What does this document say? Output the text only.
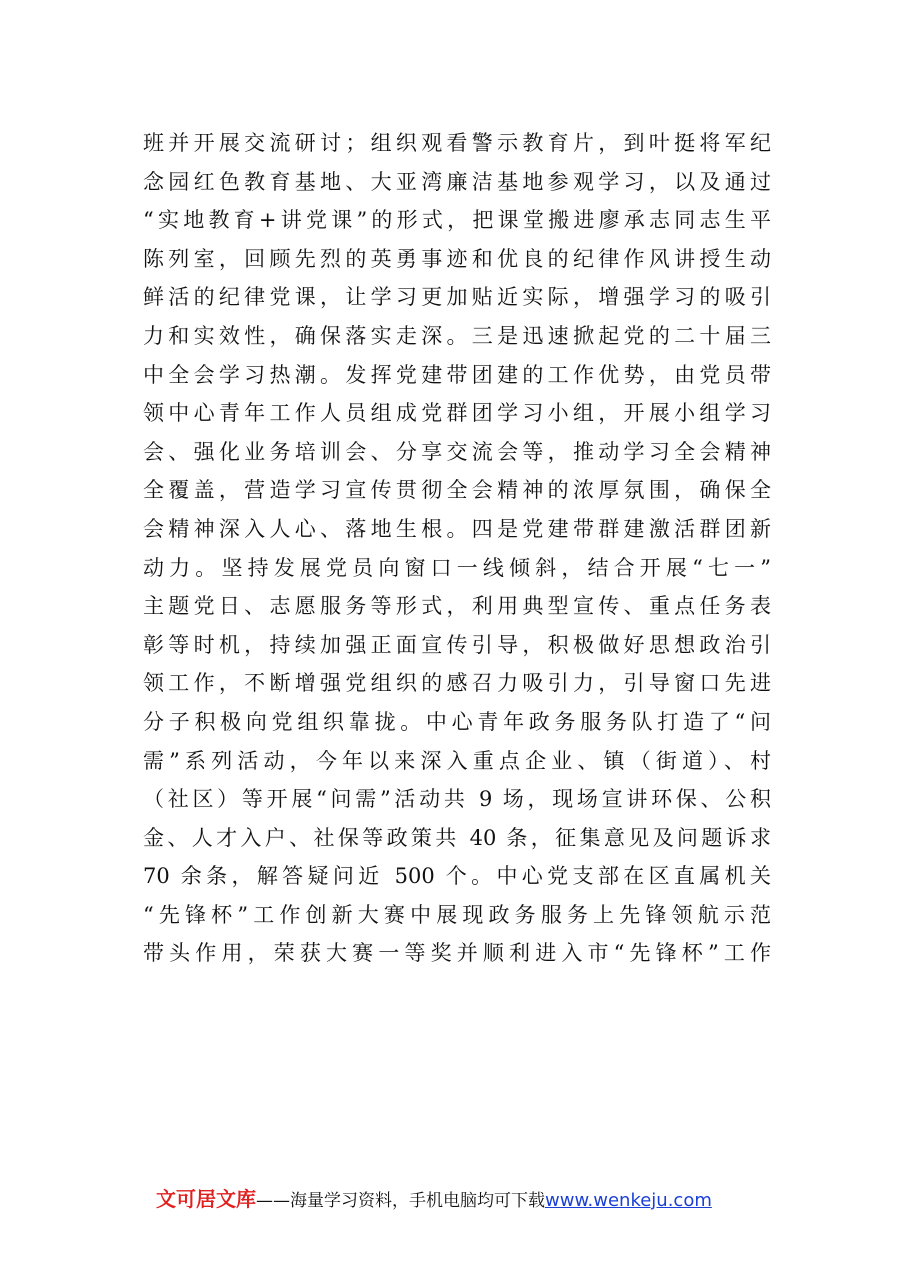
班并开展交流研讨；组织观看警示教育片，到叶挺将军纪
念园红色教育基地、大亚湾廉洁基地参观学习，以及通过
“实地教育+讲党课”的形式，把课堂搬进廖承志同志生平
陈列室，回顾先烈的英勇事迹和优良的纪律作风讲授生动
鲜活的纪律党课，让学习更加贴近实际，增强学习的吸引
力和实效性，确保落实走深。三是迅速掀起党的二十届三
中全会学习热潮。发挥党建带团建的工作优势，由党员带
领中心青年工作人员组成党群团学习小组，开展小组学习
会、强化业务培训会、分享交流会等，推动学习全会精神
全覆盖，营造学习宣传贯彻全会精神的浓厚氛围，确保全
会精神深入人心、落地生根。四是党建带群建激活群团新
动力。坚持发展党员向窗口一线倾斜，结合开展“七一”
主题党日、志愿服务等形式，利用典型宣传、重点任务表
彰等时机，持续加强正面宣传引导，积极做好思想政治引
领工作，不断增强党组织的感召力吸引力，引导窗口先进
分子积极向党组织靠拢。中心青年政务服务队打造了“问
需”系列活动，今年以来深入重点企业、镇（街道）、村
（社区）等开展“问需”活动共 9 场，现场宣讲环保、公积
金、人才入户、社保等政策共 40 条，征集意见及问题诉求
70 余条，解答疑问近 500 个。中心党支部在区直属机关
“先锋杯”工作创新大赛中展现政务服务上先锋领航示范
带头作用，荣获大赛一等奖并顺利进入市“先锋杯”工作
文可居文库——海量学习资料，手机电脑均可下载www.wenkeju.com
